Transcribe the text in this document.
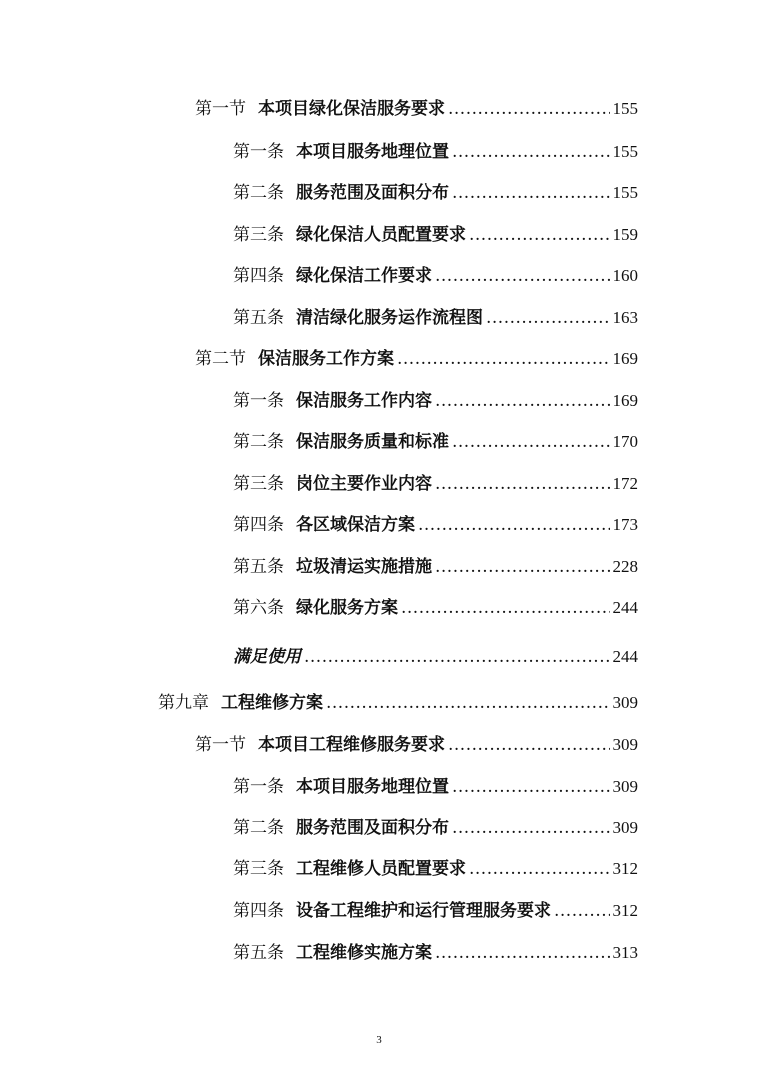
第一节 本项目绿化保洁服务要求 .....	155
第一条 本项目服务地理位置 .....	155
第二条 服务范围及面积分布 .....	155
第三条 绿化保洁人员配置要求 .....	159
第四条 绿化保洁工作要求 .....	160
第五条 清洁绿化服务运作流程图 .....	163
第二节 保洁服务工作方案 .....	169
第一条 保洁服务工作内容 .....	169
第二条 保洁服务质量和标准 .....	170
第三条 岗位主要作业内容 .....	172
第四条 各区域保洁方案 .....	173
第五条 垃圾清运实施措施 .....	228
第六条 绿化服务方案 .....	244
满足使用 .....	244
第九章 工程维修方案 .....	309
第一节 本项目工程维修服务要求 .....	309
第一条 本项目服务地理位置 .....	309
第二条 服务范围及面积分布 .....	309
第三条 工程维修人员配置要求 .....	312
第四条 设备工程维护和运行管理服务要求 .....	312
第五条 工程维修实施方案 .....	313
3
